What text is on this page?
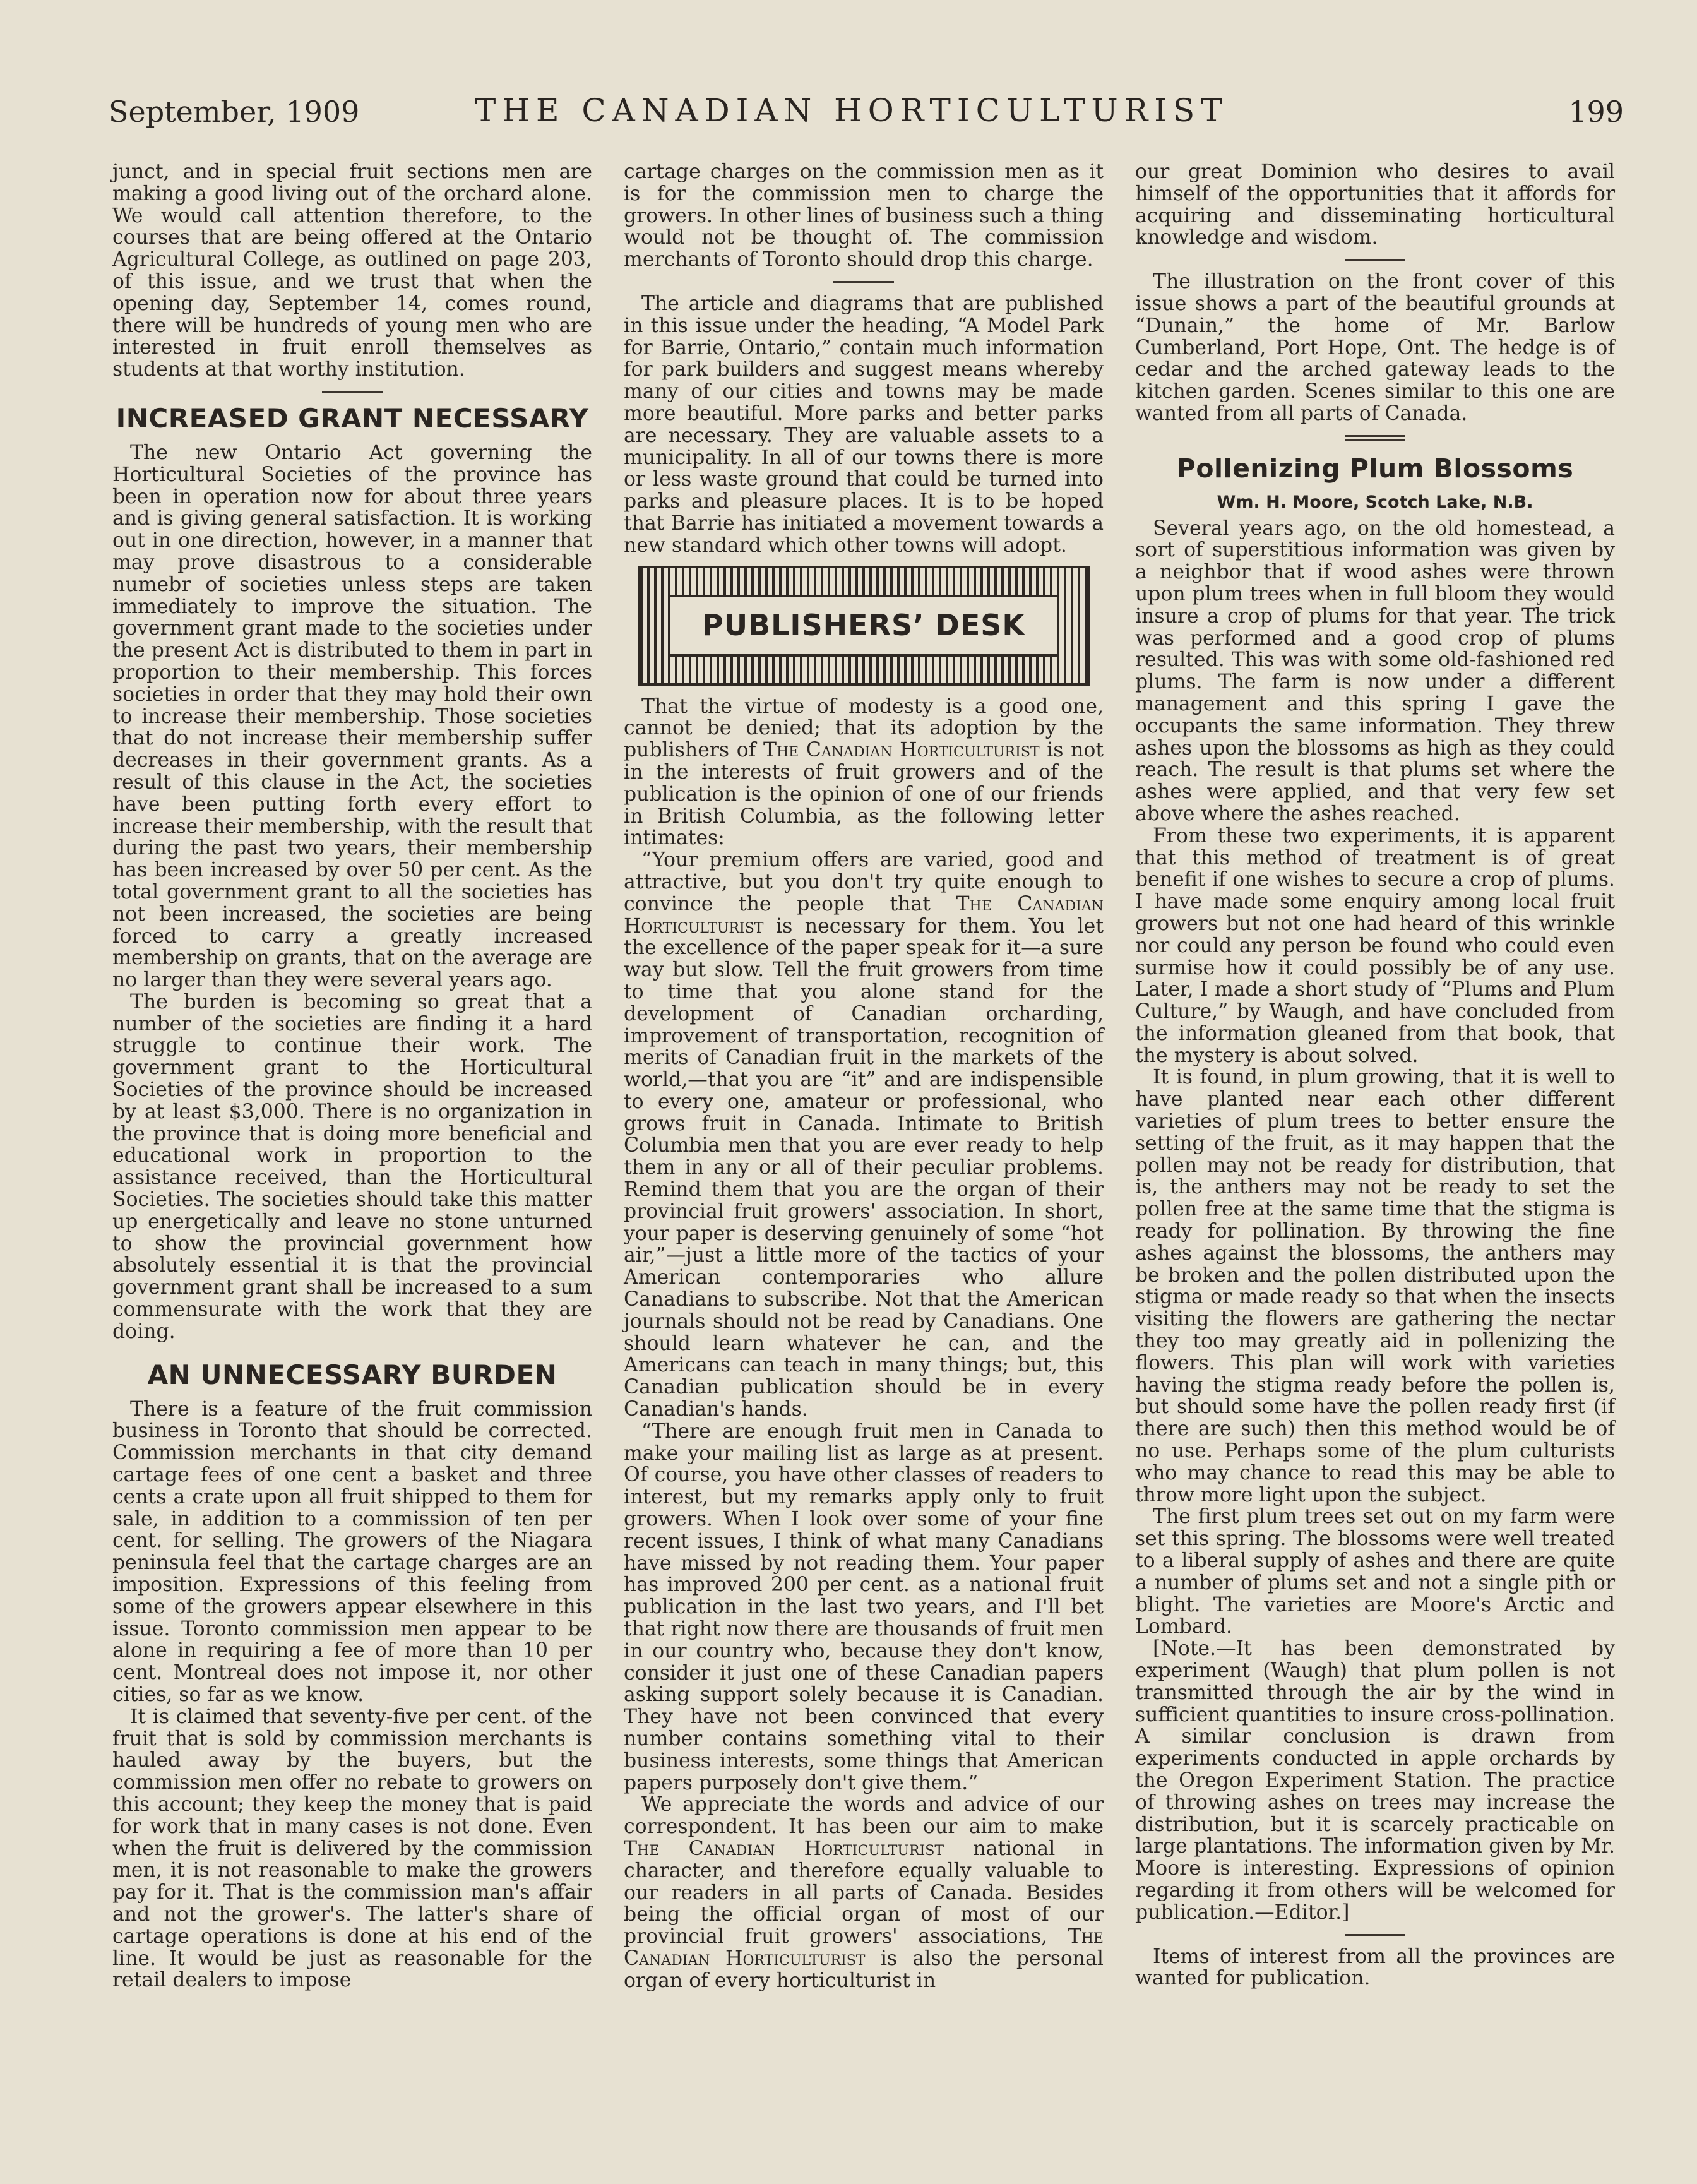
September, 1909	THE CANADIAN HORTICULTURIST	199

junct, and in special fruit sections men are making a good living out of the orchard alone. We would call attention therefore, to the courses that are being offered at the Ontario Agricultural College, as outlined on page 203, of this issue, and we trust that when the opening day, September 14, comes round, there will be hundreds of young men who are interested in fruit enroll themselves as students at that worthy institution.

INCREASED GRANT NECESSARY

The new Ontario Act governing the Horticultural Societies of the province has been in operation now for about three years and is giving general satisfaction. It is working out in one direction, however, in a manner that may prove disastrous to a considerable numebr of societies unless steps are taken immediately to improve the situation. The government grant made to the societies under the present Act is distributed to them in part in proportion to their membership. This forces societies in order that they may hold their own to increase their membership. Those societies that do not increase their membership suffer decreases in their government grants. As a result of this clause in the Act, the societies have been putting forth every effort to increase their membership, with the result that during the past two years, their membership has been increased by over 50 per cent. As the total government grant to all the societies has not been increased, the societies are being forced to carry a greatly increased membership on grants, that on the average are no larger than they were several years ago.

The burden is becoming so great that a number of the societies are finding it a hard struggle to continue their work. The government grant to the Horticultural Societies of the province should be increased by at least $3,000. There is no organization in the province that is doing more beneficial and educational work in proportion to the assistance received, than the Horticultural Societies. The societies should take this matter up energetically and leave no stone unturned to show the provincial government how absolutely essential it is that the provincial government grant shall be increased to a sum commensurate with the work that they are doing.

AN UNNECESSARY BURDEN

There is a feature of the fruit commission business in Toronto that should be corrected. Commission merchants in that city demand cartage fees of one cent a basket and three cents a crate upon all fruit shipped to them for sale, in addition to a commission of ten per cent. for selling. The growers of the Niagara peninsula feel that the cartage charges are an imposition. Expressions of this feeling from some of the growers appear elsewhere in this issue. Toronto commission men appear to be alone in requiring a fee of more than 10 per cent. Montreal does not impose it, nor other cities, so far as we know.

It is claimed that seventy-five per cent. of the fruit that is sold by commission merchants is hauled away by the buyers, but the commission men offer no rebate to growers on this account; they keep the money that is paid for work that in many cases is not done. Even when the fruit is delivered by the commission men, it is not reasonable to make the growers pay for it. That is the commission man's affair and not the grower's. The latter's share of cartage operations is done at his end of the line. It would be just as reasonable for the retail dealers to impose

cartage charges on the commission men as it is for the commission men to charge the growers. In other lines of business such a thing would not be thought of. The commission merchants of Toronto should drop this charge.

The article and diagrams that are published in this issue under the heading, “A Model Park for Barrie, Ontario,” contain much information for park builders and suggest means whereby many of our cities and towns may be made more beautiful. More parks and better parks are necessary. They are valuable assets to a municipality. In all of our towns there is more or less waste ground that could be turned into parks and pleasure places. It is to be hoped that Barrie has initiated a movement towards a new standard which other towns will adopt.

PUBLISHERS’ DESK

That the virtue of modesty is a good one, cannot be denied; that its adoption by the publishers of The Canadian Horticulturist is not in the interests of fruit growers and of the publication is the opinion of one of our friends in British Columbia, as the following letter intimates:

“Your premium offers are varied, good and attractive, but you don't try quite enough to convince the people that The Canadian Horticulturist is necessary for them. You let the excellence of the paper speak for it—a sure way but slow. Tell the fruit growers from time to time that you alone stand for the development of Canadian orcharding, improvement of transportation, recognition of merits of Canadian fruit in the markets of the world,—that you are “it” and are indispensible to every one, amateur or professional, who grows fruit in Canada. Intimate to British Columbia men that you are ever ready to help them in any or all of their peculiar problems. Remind them that you are the organ of their provincial fruit growers' association. In short, your paper is deserving genuinely of some “hot air,”—just a little more of the tactics of your American contemporaries who allure Canadians to subscribe. Not that the American journals should not be read by Canadians. One should learn whatever he can, and the Americans can teach in many things; but, this Canadian publication should be in every Canadian's hands.

“There are enough fruit men in Canada to make your mailing list as large as at present. Of course, you have other classes of readers to interest, but my remarks apply only to fruit growers. When I look over some of your fine recent issues, I think of what many Canadians have missed by not reading them. Your paper has improved 200 per cent. as a national fruit publication in the last two years, and I'll bet that right now there are thousands of fruit men in our country who, because they don't know, consider it just one of these Canadian papers asking support solely because it is Canadian. They have not been convinced that every number contains something vital to their business interests, some things that American papers purposely don't give them.”

We appreciate the words and advice of our correspondent. It has been our aim to make The Canadian Horticulturist national in character, and therefore equally valuable to our readers in all parts of Canada. Besides being the official organ of most of our provincial fruit growers' associations, The Canadian Horticulturist is also the personal organ of every horticulturist in

our great Dominion who desires to avail himself of the opportunities that it affords for acquiring and disseminating horticultural knowledge and wisdom.

The illustration on the front cover of this issue shows a part of the beautiful grounds at “Dunain,” the home of Mr. Barlow Cumberland, Port Hope, Ont. The hedge is of cedar and the arched gateway leads to the kitchen garden. Scenes similar to this one are wanted from all parts of Canada.

Pollenizing Plum Blossoms
Wm. H. Moore, Scotch Lake, N.B.

Several years ago, on the old homestead, a sort of superstitious information was given by a neighbor that if wood ashes were thrown upon plum trees when in full bloom they would insure a crop of plums for that year. The trick was performed and a good crop of plums resulted. This was with some old-fashioned red plums. The farm is now under a different management and this spring I gave the occupants the same information. They threw ashes upon the blossoms as high as they could reach. The result is that plums set where the ashes were applied, and that very few set above where the ashes reached.

From these two experiments, it is apparent that this method of treatment is of great benefit if one wishes to secure a crop of plums. I have made some enquiry among local fruit growers but not one had heard of this wrinkle nor could any person be found who could even surmise how it could possibly be of any use. Later, I made a short study of “Plums and Plum Culture,” by Waugh, and have concluded from the information gleaned from that book, that the mystery is about solved.

It is found, in plum growing, that it is well to have planted near each other different varieties of plum trees to better ensure the setting of the fruit, as it may happen that the pollen may not be ready for distribution, that is, the anthers may not be ready to set the pollen free at the same time that the stigma is ready for pollination. By throwing the fine ashes against the blossoms, the anthers may be broken and the pollen distributed upon the stigma or made ready so that when the insects visiting the flowers are gathering the nectar they too may greatly aid in pollenizing the flowers. This plan will work with varieties having the stigma ready before the pollen is, but should some have the pollen ready first (if there are such) then this method would be of no use. Perhaps some of the plum culturists who may chance to read this may be able to throw more light upon the subject.

The first plum trees set out on my farm were set this spring. The blossoms were well treated to a liberal supply of ashes and there are quite a number of plums set and not a single pith or blight. The varieties are Moore's Arctic and Lombard.

[Note.—It has been demonstrated by experiment (Waugh) that plum pollen is not transmitted through the air by the wind in sufficient quantities to insure cross-pollination. A similar conclusion is drawn from experiments conducted in apple orchards by the Oregon Experiment Station. The practice of throwing ashes on trees may increase the distribution, but it is scarcely practicable on large plantations. The information given by Mr. Moore is interesting. Expressions of opinion regarding it from others will be welcomed for publication.—Editor.]

Items of interest from all the provinces are wanted for publication.
